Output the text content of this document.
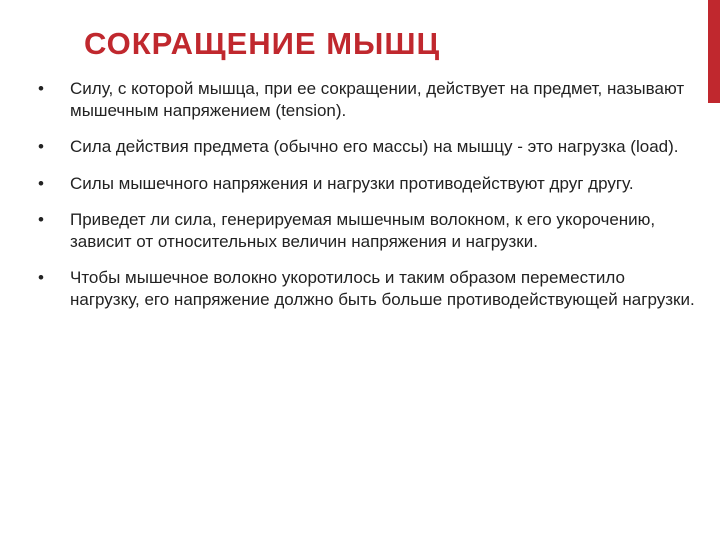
СОКРАЩЕНИЕ МЫШЦ
• Силу, с которой мышца, при ее сокращении, действует на предмет, называют мышечным напряжением (tension).
• Сила действия предмета (обычно его массы) на мышцу - это нагрузка (load).
• Силы мышечного напряжения и нагрузки противодействуют друг другу.
• Приведет ли сила, генерируемая мышечным волокном, к его укорочению, зависит от относительных величин напряжения и нагрузки.
• Чтобы мышечное волокно укоротилось и таким образом переместило нагрузку, его напряжение должно быть больше противодействующей нагрузки.
